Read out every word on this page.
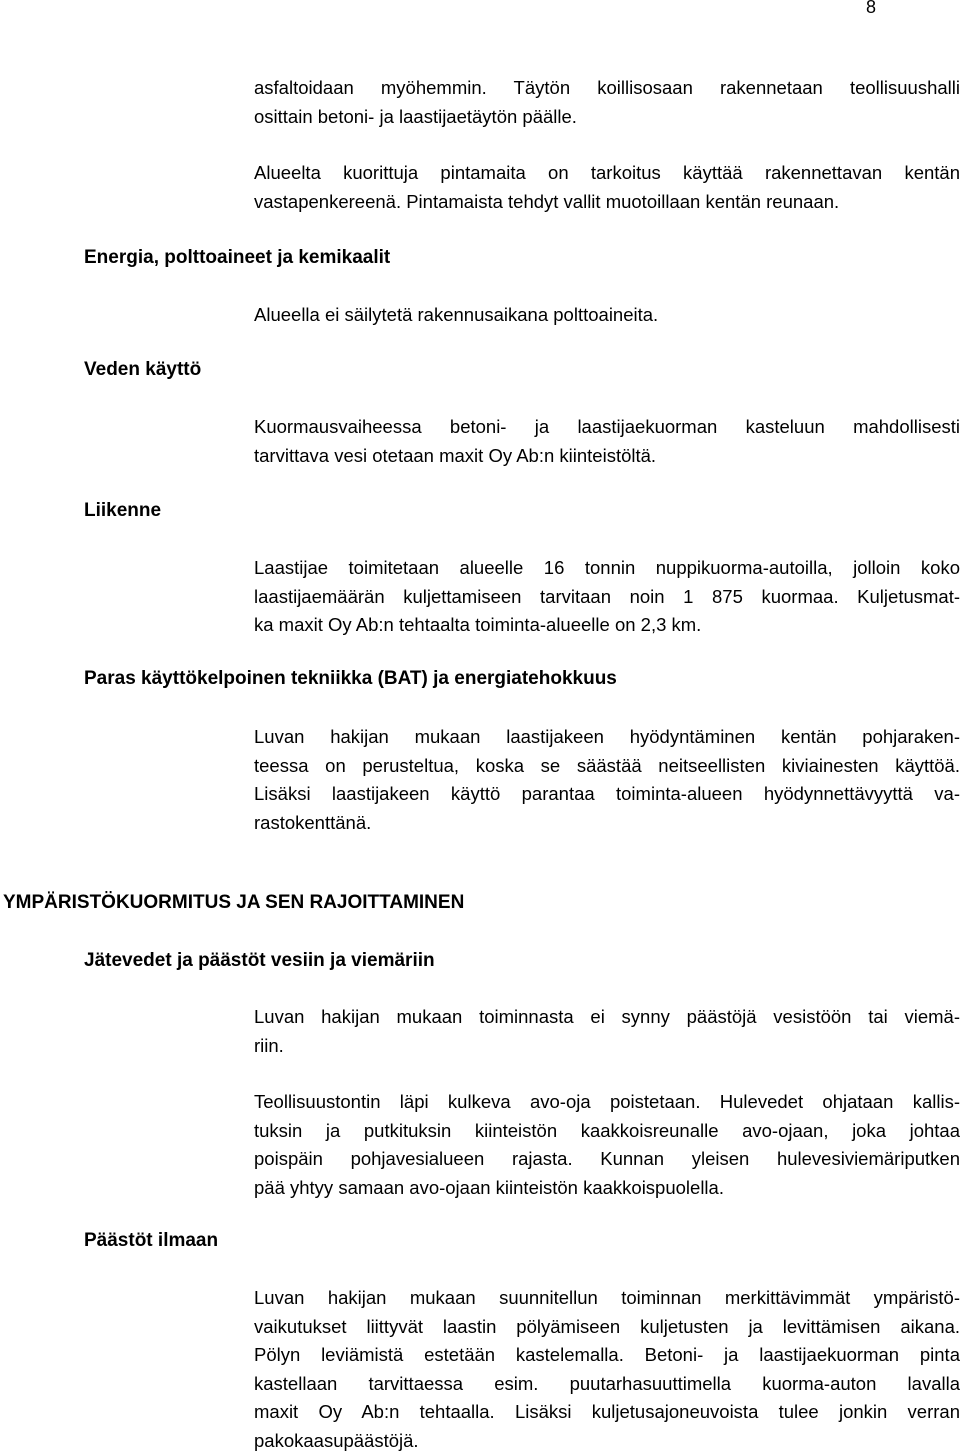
8
asfaltoidaan myöhemmin. Täytön koillisosaan rakennetaan teollisuushalli
osittain betoni- ja laastijaetäytön päälle.
Alueelta kuorittuja pintamaita on tarkoitus käyttää rakennettavan kentän
vastapenkereenä. Pintamaista tehdyt vallit muotoillaan kentän reunaan.
Energia, polttoaineet ja kemikaalit
Alueella ei säilytetä rakennusaikana polttoaineita.
Veden käyttö
Kuormausvaiheessa betoni- ja laastijaekuorman kasteluun mahdollisesti
tarvittava vesi otetaan maxit Oy Ab:n kiinteistöltä.
Liikenne
Laastijae toimitetaan alueelle 16 tonnin nuppikuorma-autoilla, jolloin koko
laastijaemäärän kuljettamiseen tarvitaan noin 1 875 kuormaa. Kuljetusmat-
ka maxit Oy Ab:n tehtaalta toiminta-alueelle on 2,3 km.
Paras käyttökelpoinen tekniikka (BAT) ja energiatehokkuus
Luvan hakijan mukaan laastijakeen hyödyntäminen kentän pohjaraken-
teessa on perusteltua, koska se säästää neitseellisten kiviainesten käyttöä.
Lisäksi laastijakeen käyttö parantaa toiminta-alueen hyödynnettävyyttä va-
rastokenttänä.
YMPÄRISTÖKUORMITUS JA SEN RAJOITTAMINEN
Jätevedet ja päästöt vesiin ja viemäriin
Luvan hakijan mukaan toiminnasta ei synny päästöjä vesistöön tai viemä-
riin.
Teollisuustontin läpi kulkeva avo-oja poistetaan. Hulevedet ohjataan kallis-
tuksin ja putkituksin kiinteistön kaakkoisreunalle avo-ojaan, joka johtaa
poispäin pohjavesialueen rajasta. Kunnan yleisen hulevesiviemäriputken
pää yhtyy samaan avo-ojaan kiinteistön kaakkoispuolella.
Päästöt ilmaan
Luvan hakijan mukaan suunnitellun toiminnan merkittävimmät ympäristö-
vaikutukset liittyvät laastin pölyämiseen kuljetusten ja levittämisen aikana.
Pölyn leviämistä estetään kastelemalla. Betoni- ja laastijaekuorman pinta
kastellaan tarvittaessa esim. puutarhasuuttimella kuorma-auton lavalla
maxit Oy Ab:n tehtaalla. Lisäksi kuljetusajoneuvoista tulee jonkin verran
pakokaasupäästöjä.
